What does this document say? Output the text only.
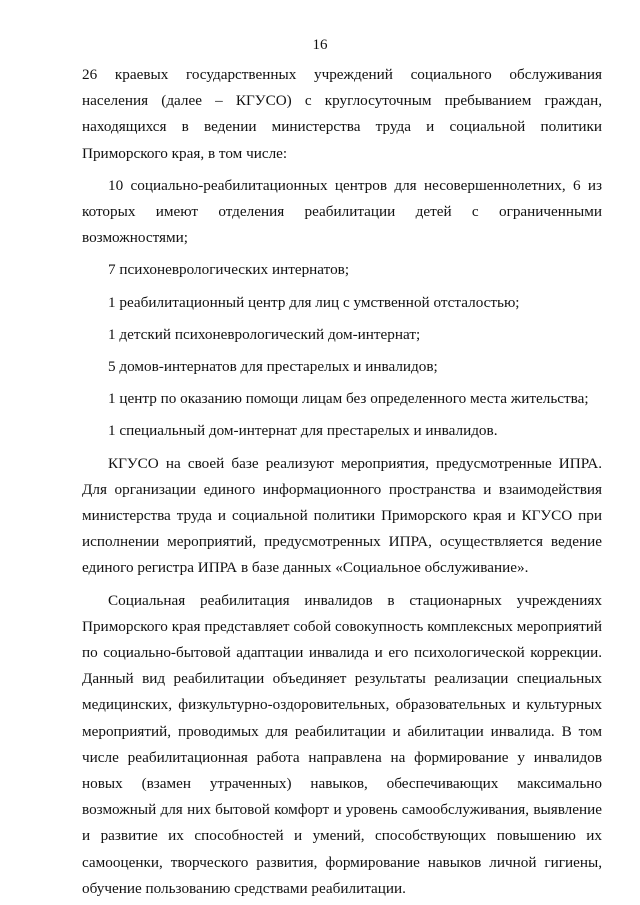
16

26 краевых государственных учреждений социального обслуживания населения (далее – КГУСО) с круглосуточным пребыванием граждан, находящихся в ведении министерства труда и социальной политики Приморского края, в том числе:

10 социально-реабилитационных центров для несовершеннолетних, 6 из которых имеют отделения реабилитации детей с ограниченными возможностями;

7 психоневрологических интернатов;

1 реабилитационный центр для лиц с умственной отсталостью;

1 детский психоневрологический дом-интернат;

5 домов-интернатов для престарелых и инвалидов;

1 центр по оказанию помощи лицам без определенного места жительства;

1 специальный дом-интернат для престарелых и инвалидов.

КГУСО на своей базе реализуют мероприятия, предусмотренные ИПРА. Для организации единого информационного пространства и взаимодействия министерства труда и социальной политики Приморского края и КГУСО при исполнении мероприятий, предусмотренных ИПРА, осуществляется ведение единого регистра ИПРА в базе данных «Социальное обслуживание».

Социальная реабилитация инвалидов в стационарных учреждениях Приморского края представляет собой совокупность комплексных мероприятий по социально-бытовой адаптации инвалида и его психологической коррекции. Данный вид реабилитации объединяет результаты реализации специальных медицинских, физкультурно-оздоровительных, образовательных и культурных мероприятий, проводимых для реабилитации и абилитации инвалида. В том числе реабилитационная работа направлена на формирование у инвалидов новых (взамен утраченных) навыков, обеспечивающих максимально возможный для них бытовой комфорт и уровень самообслуживания, выявление и развитие их способностей и умений, способствующих повышению их самооценки, творческого развития, формирование навыков личной гигиены, обучение пользованию средствами реабилитации.
